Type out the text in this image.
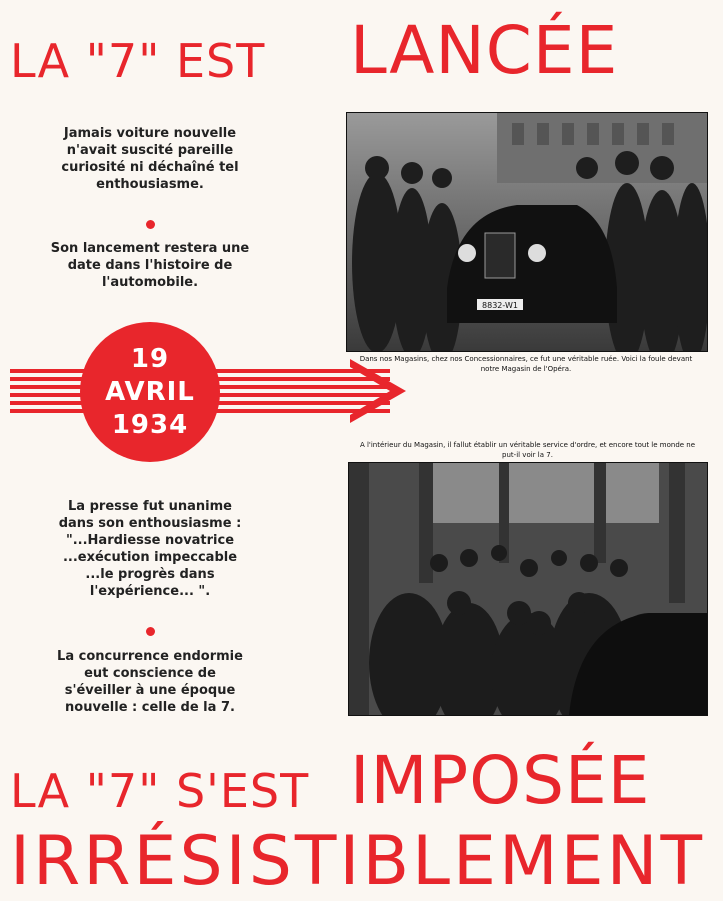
LA "7" EST LANCÉE
Jamais voiture nouvelle n'avait suscité pareille curiosité ni déchaîné tel enthousiasme.
Son lancement restera une date dans l'histoire de l'automobile.
19
AVRIL
1934
La presse fut unanime dans son enthousiasme : "...Hardiesse novatrice ...exécution impeccable ...le progrès dans l'expérience... ".
La concurrence endormie eut conscience de s'éveiller à une époque nouvelle : celle de la 7.
8832-W1
Dans nos Magasins, chez nos Concessionnaires, ce fut une véritable ruée. Voici la foule devant notre Magasin de l'Opéra.
A l'intérieur du Magasin, il fallut établir un véritable service d'ordre, et encore tout le monde ne put-il voir la 7.
LA "7" S'EST IMPOSÉE
IRRÉSISTIBLEMENT
